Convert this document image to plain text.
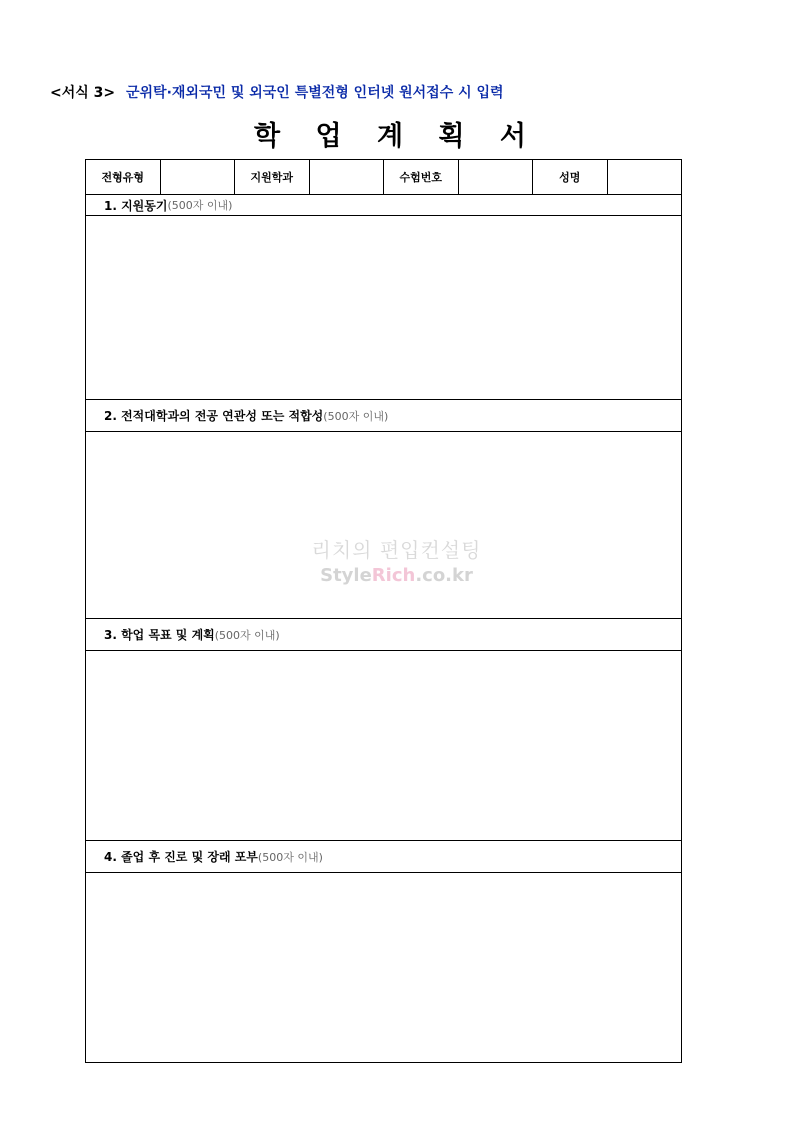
<서식 3> 군위탁·재외국민 및 외국인 특별전형 인터넷 원서접수 시 입력
학 업 계 획 서
전형유형	지원학과	수험번호	성명
1. 지원동기 (500자 이내)
2. 전적대학과의 전공 연관성 또는 적합성 (500자 이내)
3. 학업 목표 및 계획 (500자 이내)
4. 졸업 후 진로 및 장래 포부 (500자 이내)
리치의 편입컨설팅
StyleRich.co.kr
